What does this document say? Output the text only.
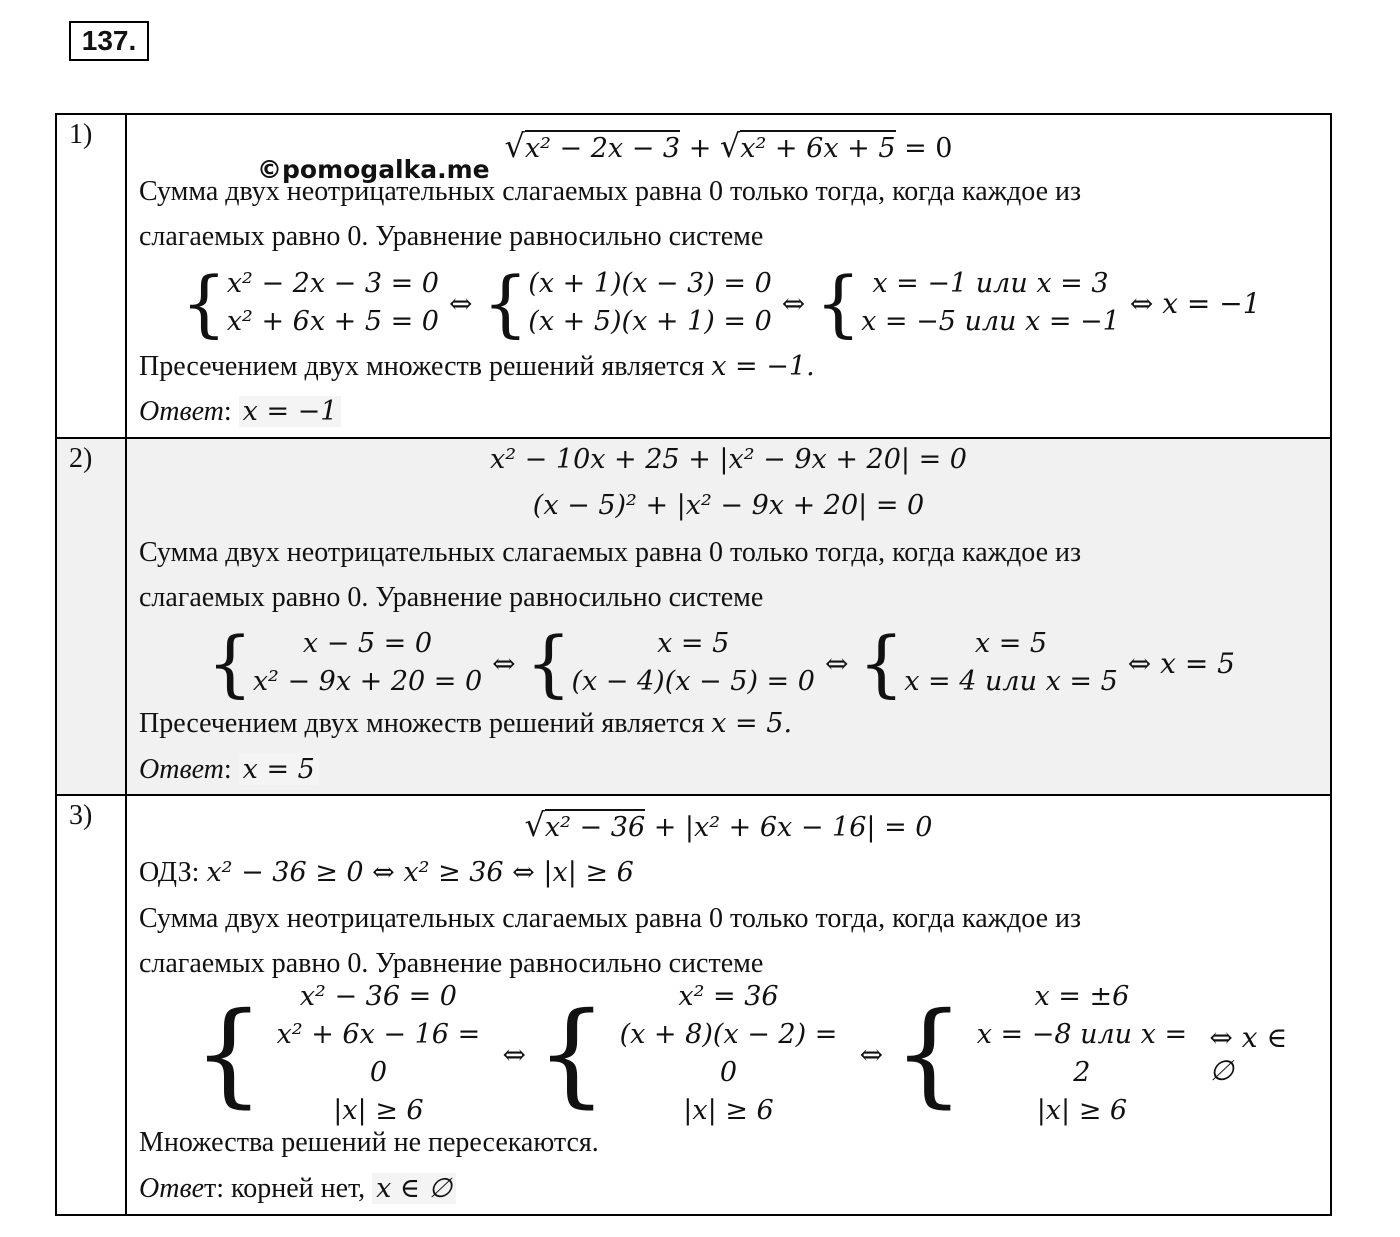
137.
1)	√x² − 2x − 3 + √x² + 6x + 5 = 0
©pomogalka.me
Сумма двух неотрицательных слагаемых равна 0 только тогда, когда каждое из
слагаемых равно 0. Уравнение равносильно системе
{ x² − 2x − 3 = 0
x² + 6x + 5 = 0
⇔ { (x + 1)(x − 3) = 0
(x + 5)(x + 1) = 0
⇔ { x = −1 или x = 3
x = −5 или x = −1
⇔ x = −1
Пресечением двух множеств решений является x = −1.
Ответ: x = −1
2)	x² − 10x + 25 + |x² − 9x + 20| = 0
(x − 5)² + |x² − 9x + 20| = 0
Сумма двух неотрицательных слагаемых равна 0 только тогда, когда каждое из
слагаемых равно 0. Уравнение равносильно системе
{	x − 5 = 0
x² − 9x + 20 = 0
⇔ {	x = 5
(x − 4)(x − 5) = 0
⇔ {	x = 5
x = 4 или x = 5
⇔ x = 5
Пресечением двух множеств решений является x = 5.
Ответ: x = 5
3)	√x² − 36 + |x² + 6x − 16| = 0
ОДЗ: x² − 36 ≥ 0 ⇔ x² ≥ 36 ⇔ |x| ≥ 6
Сумма двух неотрицательных слагаемых равна 0 только тогда, когда каждое из
слагаемых равно 0. Уравнение равносильно системе
{	x² − 36 = 0
x² + 6x − 16 = 0
|x| ≥ 6
⇔ {	x² = 36
(x + 8)(x − 2) = 0
|x| ≥ 6
⇔ {	x = ±6
x = −8 или x = 2
|x| ≥ 6
⇔ x ∈ ∅
Множества решений не пересекаются.
Ответ: корней нет, x ∈ ∅
